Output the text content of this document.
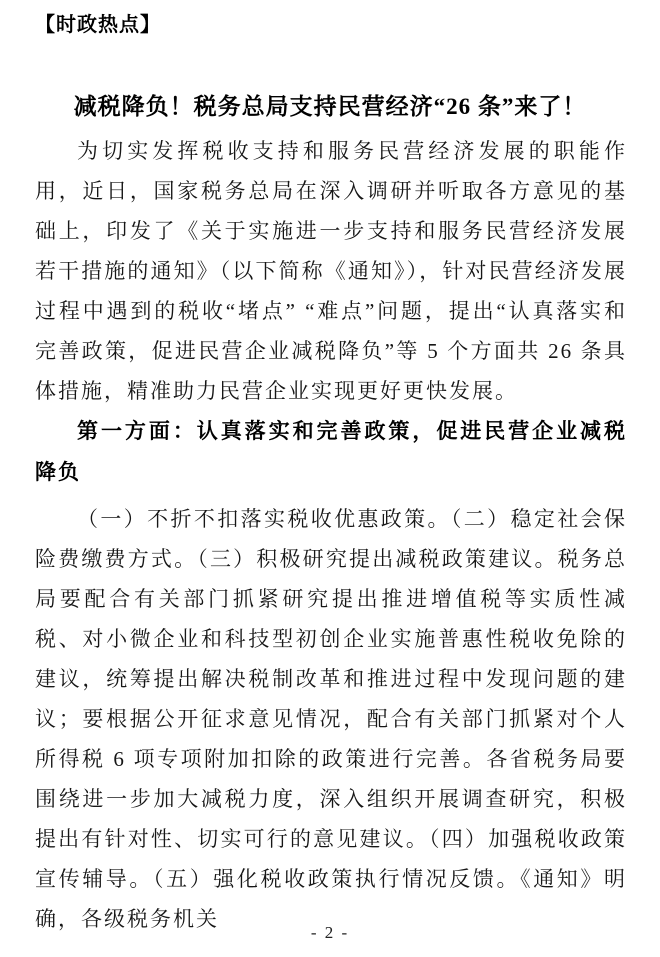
【时政热点】
减税降负！税务总局支持民营经济“26 条”来了！

为切实发挥税收支持和服务民营经济发展的职能作用，近日，国家税务总局在深入调研并听取各方意见的基础上，印发了《关于实施进一步支持和服务民营经济发展若干措施的通知》（以下简称《通知》），针对民营经济发展过程中遇到的税收“堵点” “难点”问题，提出“认真落实和完善政策，促进民营企业减税降负”等 5 个方面共 26 条具体措施，精准助力民营企业实现更好更快发展。

第一方面：认真落实和完善政策，促进民营企业减税降负

（一）不折不扣落实税收优惠政策。（二）稳定社会保险费缴费方式。（三）积极研究提出减税政策建议。税务总局要配合有关部门抓紧研究提出推进增值税等实质性减税、对小微企业和科技型初创企业实施普惠性税收免除的建议，统筹提出解决税制改革和推进过程中发现问题的建议；要根据公开征求意见情况，配合有关部门抓紧对个人所得税 6 项专项附加扣除的政策进行完善。各省税务局要围绕进一步加大减税力度，深入组织开展调查研究，积极提出有针对性、切实可行的意见建议。（四）加强税收政策宣传辅导。（五）强化税收政策执行情况反馈。《通知》明确，各级税务机关

- 2 -
